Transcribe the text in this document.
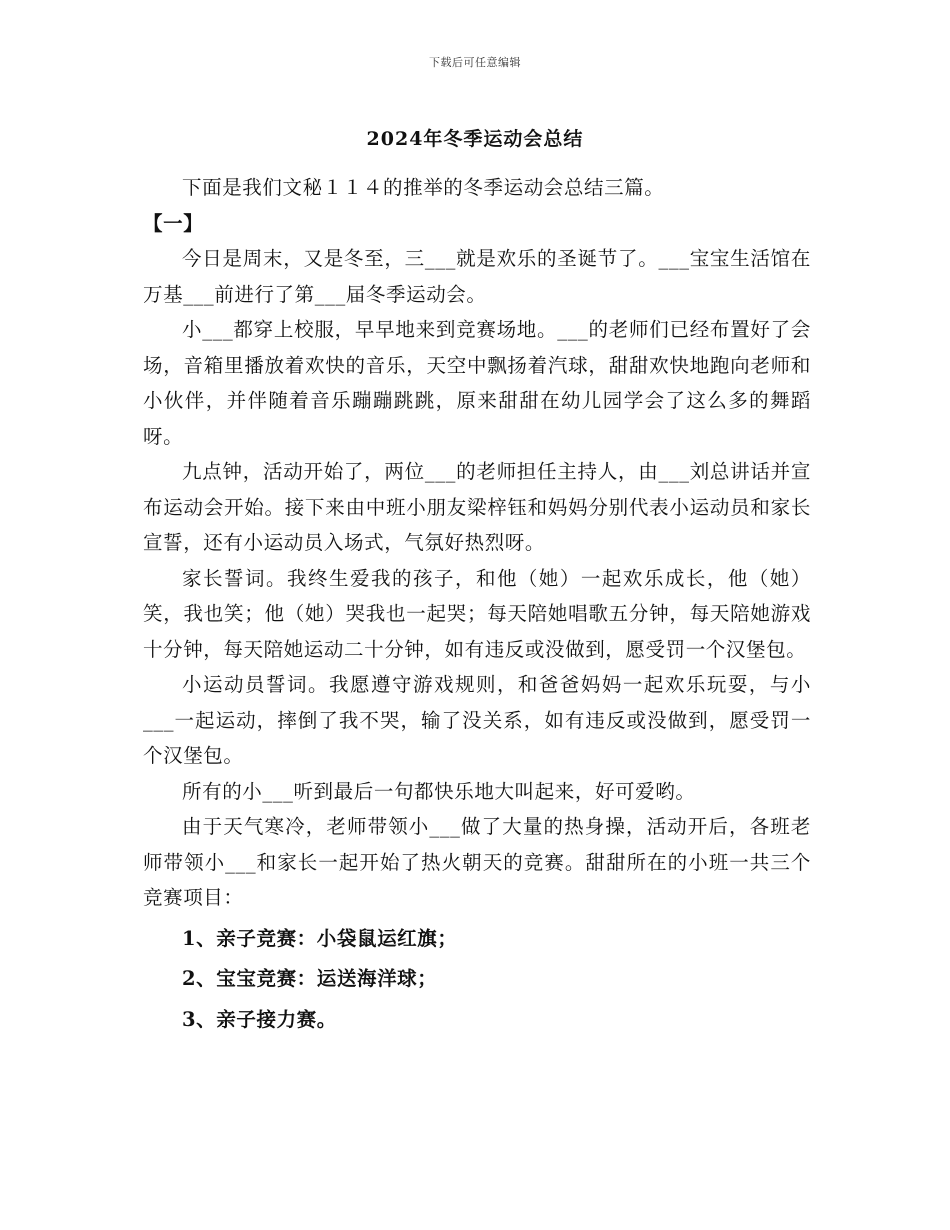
下载后可任意编辑
2024年冬季运动会总结

下面是我们文秘１１４的推举的冬季运动会总结三篇。

【一】

今日是周末，又是冬至，三___就是欢乐的圣诞节了。___宝宝生活馆在万基___前进行了第___届冬季运动会。

小___都穿上校服，早早地来到竞赛场地。___的老师们已经布置好了会场，音箱里播放着欢快的音乐，天空中飘扬着汽球，甜甜欢快地跑向老师和小伙伴，并伴随着音乐蹦蹦跳跳，原来甜甜在幼儿园学会了这么多的舞蹈呀。

九点钟，活动开始了，两位___的老师担任主持人，由___刘总讲话并宣布运动会开始。接下来由中班小朋友梁梓钰和妈妈分别代表小运动员和家长宣誓，还有小运动员入场式，气氛好热烈呀。

家长誓词。我终生爱我的孩子，和他（她）一起欢乐成长，他（她）笑，我也笑；他（她）哭我也一起哭；每天陪她唱歌五分钟，每天陪她游戏十分钟，每天陪她运动二十分钟，如有违反或没做到，愿受罚一个汉堡包。

小运动员誓词。我愿遵守游戏规则，和爸爸妈妈一起欢乐玩耍，与小___一起运动，摔倒了我不哭，输了没关系，如有违反或没做到，愿受罚一个汉堡包。

所有的小___听到最后一句都快乐地大叫起来，好可爱哟。

由于天气寒冷，老师带领小___做了大量的热身操，活动开后，各班老师带领小___和家长一起开始了热火朝天的竞赛。甜甜所在的小班一共三个竞赛项目：

1、亲子竞赛：小袋鼠运红旗；

2、宝宝竞赛：运送海洋球；

3、亲子接力赛。
